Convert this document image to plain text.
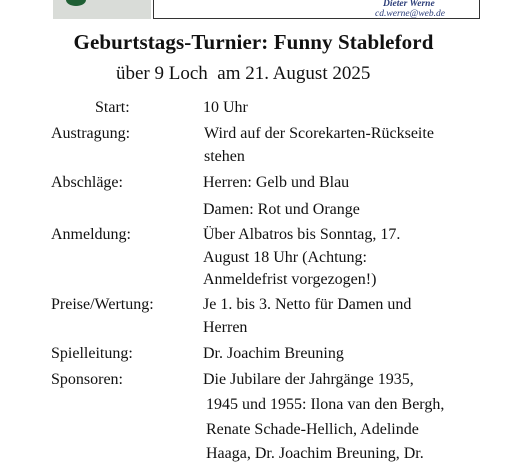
Dieter Werne
cd.werne@web.de
Geburtstags-Turnier: Funny Stableford
über 9 Loch  am 21. August 2025
Start:	10 Uhr
Austragung:	Wird auf der Scorekarten-Rückseite
stehen
Abschläge:	Herren: Gelb und Blau
Damen: Rot und Orange
Anmeldung:	Über Albatros bis Sonntag, 17.
August 18 Uhr (Achtung:
Anmeldefrist vorgezogen!)
Preise/Wertung:	Je 1. bis 3. Netto für Damen und
Herren
Spielleitung:	Dr. Joachim Breuning
Sponsoren:	Die Jubilare der Jahrgänge 1935,
1945 und 1955: Ilona van den Bergh,
Renate Schade-Hellich, Adelinde
Haaga, Dr. Joachim Breuning, Dr.
